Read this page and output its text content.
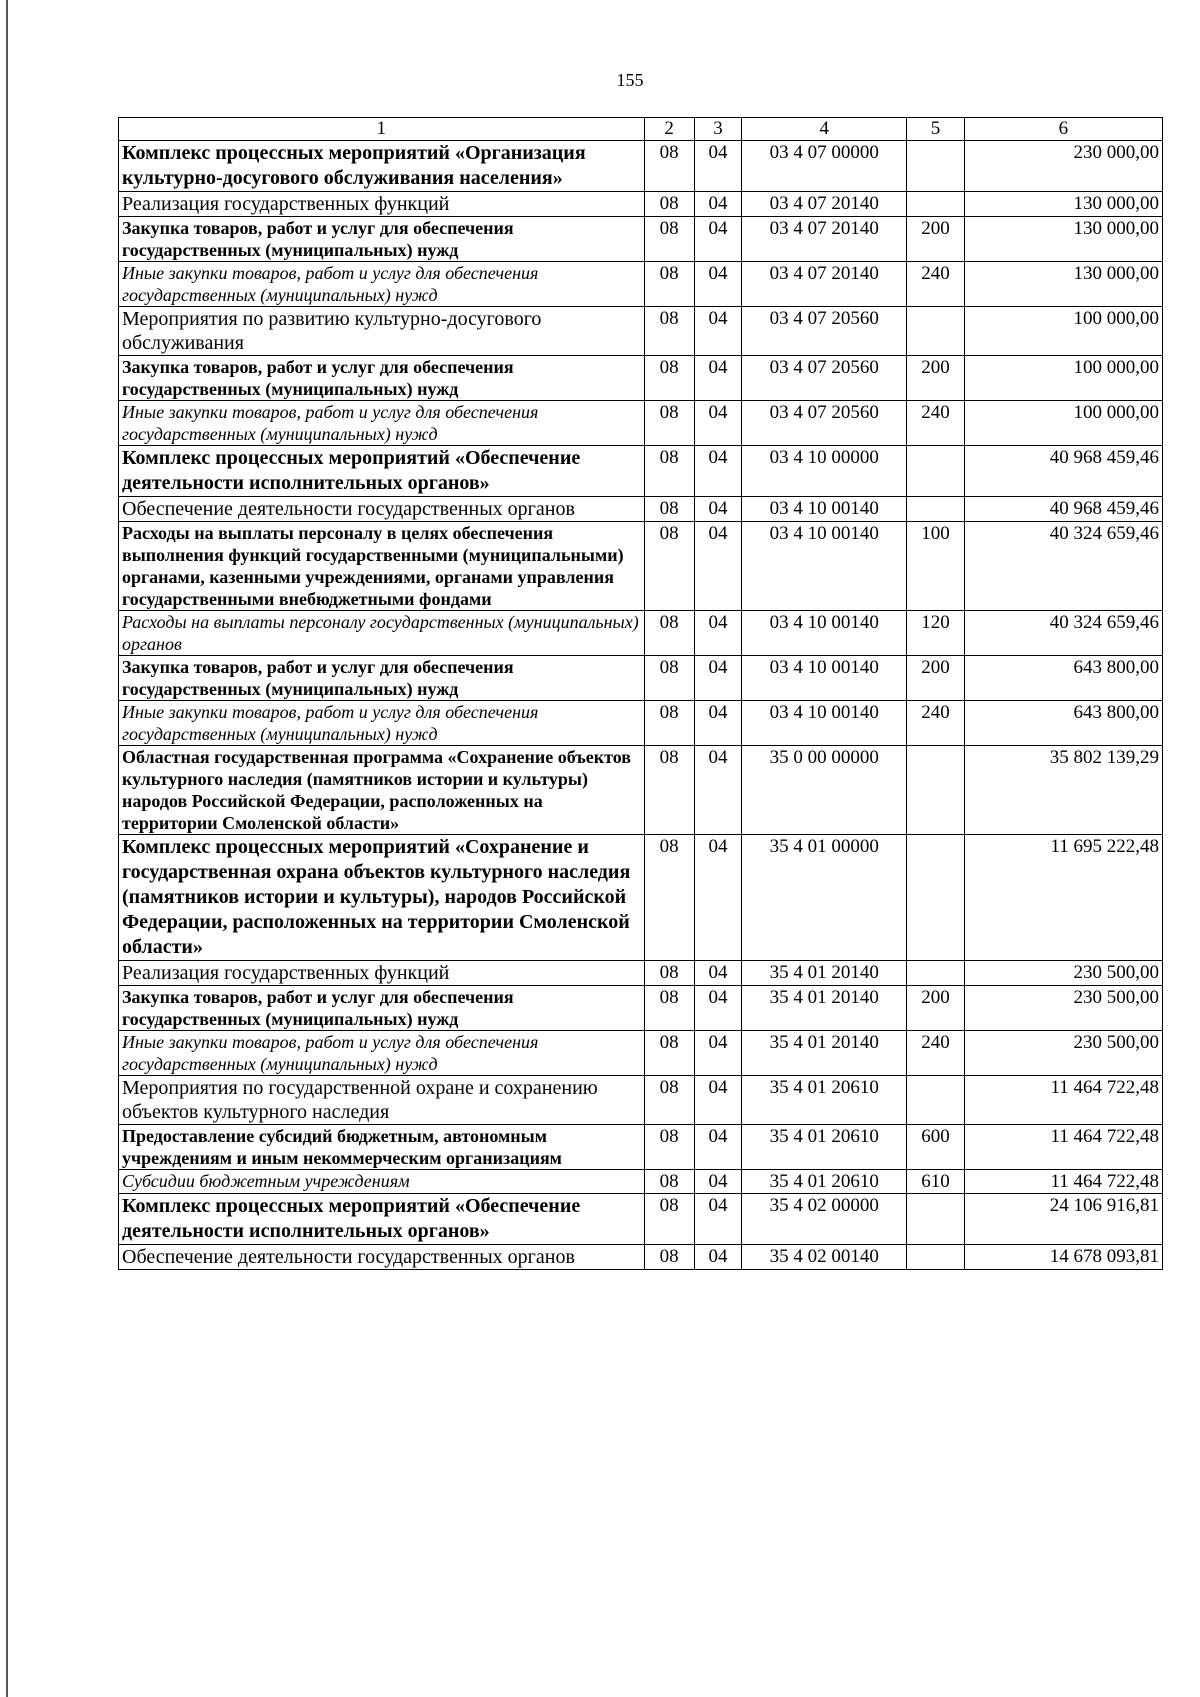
155
1	2	3	4	5	6
Комплекс процессных мероприятий «Организация культурно-досугового обслуживания населения»	08	04	03 4 07 00000		230 000,00
Реализация государственных функций	08	04	03 4 07 20140		130 000,00
Закупка товаров, работ и услуг для обеспечения государственных (муниципальных) нужд	08	04	03 4 07 20140	200	130 000,00
Иные закупки товаров, работ и услуг для обеспечения государственных (муниципальных) нужд	08	04	03 4 07 20140	240	130 000,00
Мероприятия по развитию культурно-досугового обслуживания	08	04	03 4 07 20560		100 000,00
Закупка товаров, работ и услуг для обеспечения государственных (муниципальных) нужд	08	04	03 4 07 20560	200	100 000,00
Иные закупки товаров, работ и услуг для обеспечения государственных (муниципальных) нужд	08	04	03 4 07 20560	240	100 000,00
Комплекс процессных мероприятий «Обеспечение деятельности исполнительных органов»	08	04	03 4 10 00000		40 968 459,46
Обеспечение деятельности государственных органов	08	04	03 4 10 00140		40 968 459,46
Расходы на выплаты персоналу в целях обеспечения выполнения функций государственными (муниципальными) органами, казенными учреждениями, органами управления государственными внебюджетными фондами	08	04	03 4 10 00140	100	40 324 659,46
Расходы на выплаты персоналу государственных (муниципальных) органов	08	04	03 4 10 00140	120	40 324 659,46
Закупка товаров, работ и услуг для обеспечения государственных (муниципальных) нужд	08	04	03 4 10 00140	200	643 800,00
Иные закупки товаров, работ и услуг для обеспечения государственных (муниципальных) нужд	08	04	03 4 10 00140	240	643 800,00
Областная государственная программа «Сохранение объектов культурного наследия (памятников истории и культуры) народов Российской Федерации, расположенных на территории Смоленской области»	08	04	35 0 00 00000		35 802 139,29
Комплекс процессных мероприятий «Сохранение и государственная охрана объектов культурного наследия (памятников истории и культуры), народов Российской Федерации, расположенных на территории Смоленской области»	08	04	35 4 01 00000		11 695 222,48
Реализация государственных функций	08	04	35 4 01 20140		230 500,00
Закупка товаров, работ и услуг для обеспечения государственных (муниципальных) нужд	08	04	35 4 01 20140	200	230 500,00
Иные закупки товаров, работ и услуг для обеспечения государственных (муниципальных) нужд	08	04	35 4 01 20140	240	230 500,00
Мероприятия по государственной охране и сохранению объектов культурного наследия	08	04	35 4 01 20610		11 464 722,48
Предоставление субсидий бюджетным, автономным учреждениям и иным некоммерческим организациям	08	04	35 4 01 20610	600	11 464 722,48
Субсидии бюджетным учреждениям	08	04	35 4 01 20610	610	11 464 722,48
Комплекс процессных мероприятий «Обеспечение деятельности исполнительных органов»	08	04	35 4 02 00000		24 106 916,81
Обеспечение деятельности государственных органов	08	04	35 4 02 00140		14 678 093,81
